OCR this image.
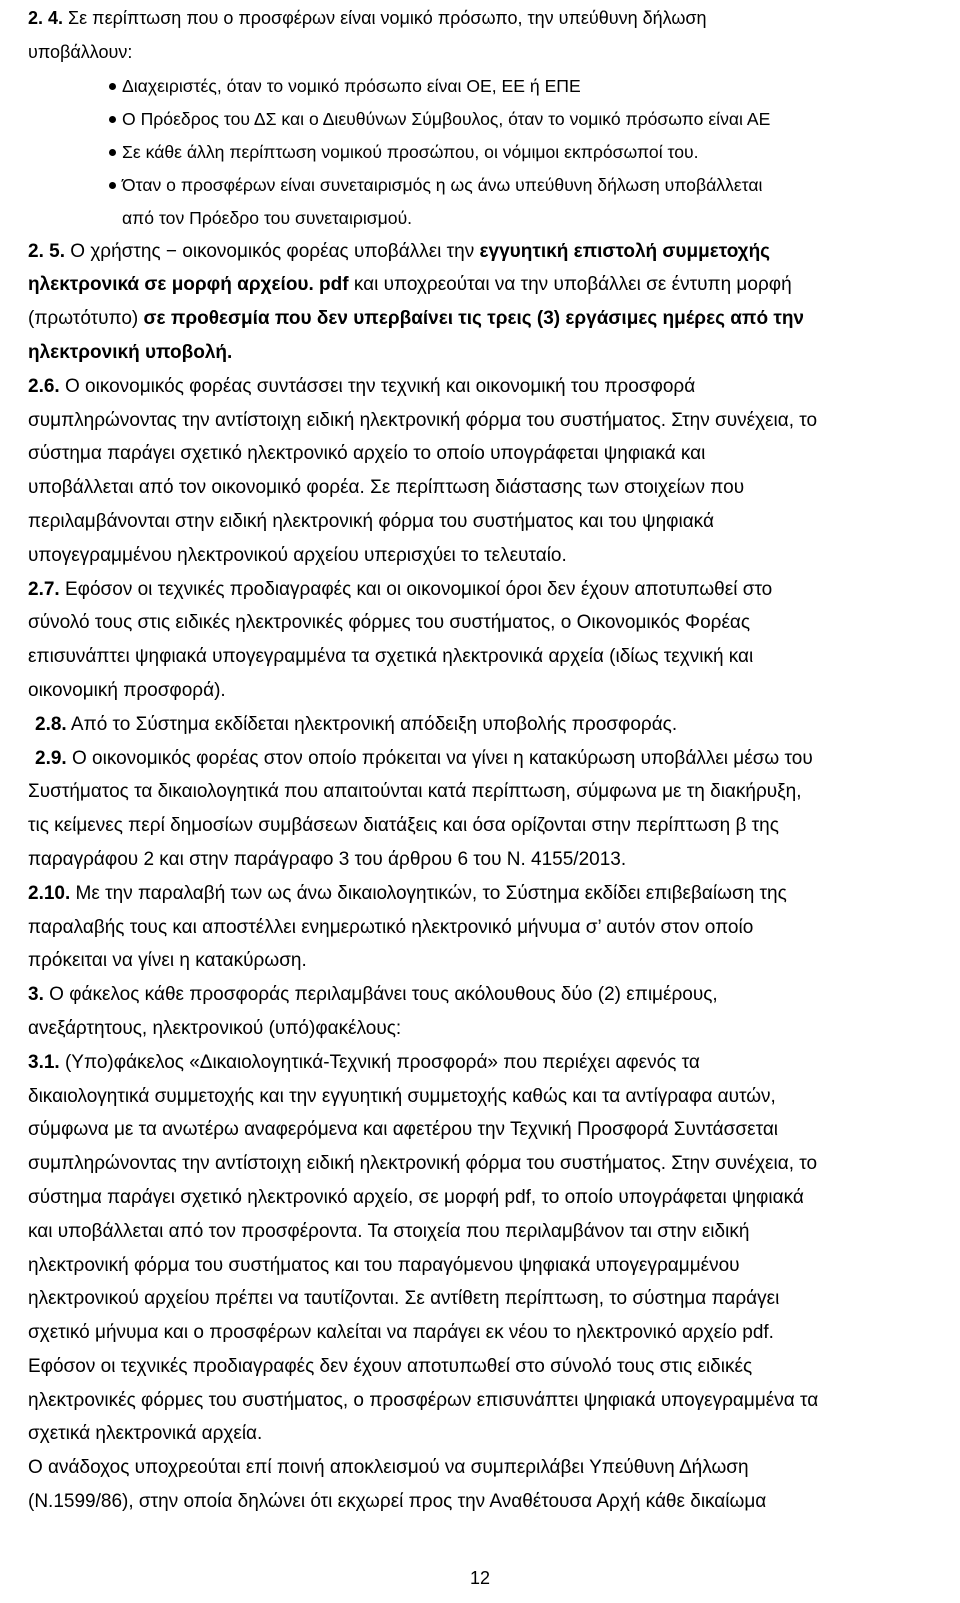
2. 4. Σε περίπτωση που ο προσφέρων είναι νομικό πρόσωπο, την υπεύθυνη δήλωση

υποβάλλουν:

Διαχειριστές, όταν το νομικό πρόσωπο είναι ΟΕ, ΕΕ ή ΕΠΕ
Ο Πρόεδρος του ΔΣ και ο Διευθύνων Σύμβουλος, όταν το νομικό πρόσωπο είναι ΑΕ
Σε κάθε άλλη περίπτωση νομικού προσώπου, οι νόμιμοι εκπρόσωποί του.
Όταν ο προσφέρων είναι συνεταιρισμός η ως άνω υπεύθυνη δήλωση υποβάλλεται
από τον Πρόεδρο του συνεταιρισμού.

2. 5. Ο χρήστης − οικονομικός φορέας υποβάλλει την εγγυητική επιστολή συμμετοχής

ηλεκτρονικά σε μορφή αρχείου. pdf και υποχρεούται να την υποβάλλει σε έντυπη μορφή

(πρωτότυπο) σε προθεσμία που δεν υπερβαίνει τις τρεις (3) εργάσιμες ημέρες από την

ηλεκτρονική υποβολή.

2.6. Ο οικονομικός φορέας συντάσσει την τεχνική και οικονομική του προσφορά

συμπληρώνοντας την αντίστοιχη ειδική ηλεκτρονική φόρμα του συστήματος. Στην συνέχεια, το

σύστημα παράγει σχετικό ηλεκτρονικό αρχείο το οποίο υπογράφεται ψηφιακά και

υποβάλλεται από τον οικονομικό φορέα. Σε περίπτωση διάστασης των στοιχείων που

περιλαμβάνονται στην ειδική ηλεκτρονική φόρμα του συστήματος και του ψηφιακά

υπογεγραμμένου ηλεκτρονικού αρχείου υπερισχύει το τελευταίο.

2.7. Εφόσον οι τεχνικές προδιαγραφές και οι οικονομικοί όροι δεν έχουν αποτυπωθεί στο

σύνολό τους στις ειδικές ηλεκτρονικές φόρμες του συστήματος, ο Οικονομικός Φορέας

επισυνάπτει ψηφιακά υπογεγραμμένα τα σχετικά ηλεκτρονικά αρχεία (ιδίως τεχνική και

οικονομική προσφορά).

2.8. Από το Σύστημα εκδίδεται ηλεκτρονική απόδειξη υποβολής προσφοράς.

2.9. Ο οικονομικός φορέας στον οποίο πρόκειται να γίνει η κατακύρωση υποβάλλει μέσω του

Συστήματος τα δικαιολογητικά που απαιτούνται κατά περίπτωση, σύμφωνα με τη διακήρυξη,

τις κείμενες περί δημοσίων συμβάσεων διατάξεις και όσα ορίζονται στην περίπτωση β της

παραγράφου 2 και στην παράγραφο 3 του άρθρου 6 του Ν. 4155/2013.

2.10. Με την παραλαβή των ως άνω δικαιολογητικών, το Σύστημα εκδίδει επιβεβαίωση της

παραλαβής τους και αποστέλλει ενημερωτικό ηλεκτρονικό μήνυμα σ’ αυτόν στον οποίο

πρόκειται να γίνει η κατακύρωση.

3. Ο φάκελος κάθε προσφοράς περιλαμβάνει τους ακόλουθους δύο (2) επιμέρους,

ανεξάρτητους, ηλεκτρονικού (υπό)φακέλους:

3.1. (Υπο)φάκελος «Δικαιολογητικά-Τεχνική προσφορά» που περιέχει αφενός τα

δικαιολογητικά συμμετοχής και την εγγυητική συμμετοχής καθώς και τα αντίγραφα αυτών,

σύμφωνα με τα ανωτέρω αναφερόμενα και αφετέρου την Τεχνική Προσφορά Συντάσσεται

συμπληρώνοντας την αντίστοιχη ειδική ηλεκτρονική φόρμα του συστήματος. Στην συνέχεια, το

σύστημα παράγει σχετικό ηλεκτρονικό αρχείο, σε μορφή pdf, το οποίο υπογράφεται ψηφιακά

και υποβάλλεται από τον προσφέροντα. Τα στοιχεία που περιλαμβάνον ται στην ειδική

ηλεκτρονική φόρμα του συστήματος και του παραγόμενου ψηφιακά υπογεγραμμένου

ηλεκτρονικού αρχείου πρέπει να ταυτίζονται. Σε αντίθετη περίπτωση, το σύστημα παράγει

σχετικό μήνυμα και ο προσφέρων καλείται να παράγει εκ νέου το ηλεκτρονικό αρχείο pdf.

Εφόσον οι τεχνικές προδιαγραφές δεν έχουν αποτυπωθεί στο σύνολό τους στις ειδικές

ηλεκτρονικές φόρμες του συστήματος, ο προσφέρων επισυνάπτει ψηφιακά υπογεγραμμένα τα

σχετικά ηλεκτρονικά αρχεία.

Ο ανάδοχος υποχρεούται επί ποινή αποκλεισμού να συμπεριλάβει Υπεύθυνη Δήλωση

(Ν.1599/86), στην οποία δηλώνει ότι εκχωρεί προς την Αναθέτουσα Αρχή κάθε δικαίωμα

12
